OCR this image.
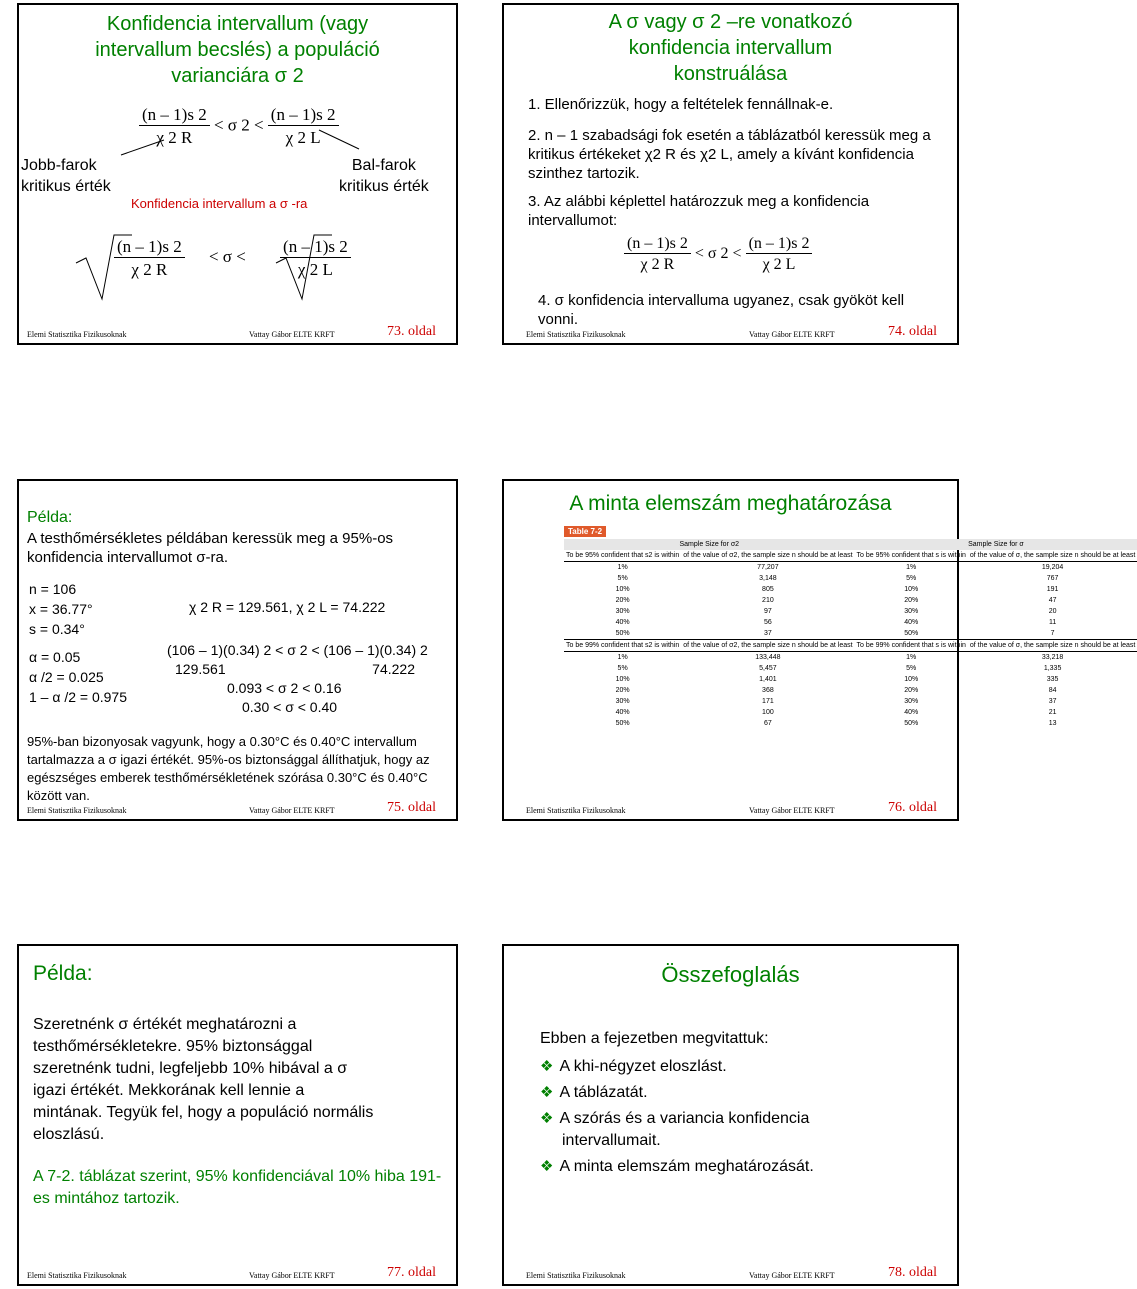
Konfidencia intervallum (vagy
intervallum becslés) a populáció
varianciára σ 2
$\frac{(n - 1)s 2}{\chi 2 R} < \sigma$ $2 < \frac{(n - 1)s 2}{\chi 2 L}$
Jobb-farok
kritikus érték
Bal-farok
kritikus érték
Konfidencia intervallum a σ -ra
$\frac{(n - 1)s 2}{\chi 2 R} < \sigma < \frac{(n - 1)s 2}{\chi 2 L}$
Elemi Statisztika Fizikusoknak	Vattay Gábor ELTE KRFT	73. oldal
A σ vagy σ 2 –re vonatkozó
konfidencia intervallum
konstruálása
1. Ellenőrizzük, hogy a feltételek fennállnak-e.
2. n – 1 szabadsági fok esetén a táblázatból keressük meg a kritikus értékeket χ2 R és χ2 L, amely a kívánt konfidencia szinthez tartozik.
3. Az alábbi képlettel határozzuk meg a konfidencia intervallumot:
$\frac{(n - 1)s 2}{\chi 2 R} < \sigma$ $2 < \frac{(n - 1)s 2}{\chi 2 L}$
4. σ konfidencia intervalluma ugyanez, csak gyököt kell vonni.
Elemi Statisztika Fizikusoknak	Vattay Gábor ELTE KRFT	74. oldal
Példa:
A testhőmérsékletes példában keressük meg a 95%-os konfidencia intervallumot σ-ra.
n = 106
x = 36.77°
s = 0.34°
α = 0.05
α /2 = 0.025
1 – α /2 = 0.975
χ 2 R = 129.561, χ 2 L = 74.222
(106 – 1)(0.34) 2 < σ 2 < (106 – 1)(0.34) 2
129.561	74.222
0.093 < σ 2 < 0.16
0.30 < σ < 0.40
95%-ban bizonyosak vagyunk, hogy a 0.30°C és 0.40°C intervallum tartalmazza a σ igazi értékét. 95%-os biztonsággal állíthatjuk, hogy az egészséges emberek testhőmérsékletének szórása 0.30°C és 0.40°C között van.
Elemi Statisztika Fizikusoknak	Vattay Gábor ELTE KRFT	75. oldal
A minta elemszám meghatározása
Table 7-2
Sample Size for σ2		Sample Size for σ	
To be 95% confident that s2 is within	of the value of σ2, the sample size n should be at least	To be 95% confident that s is within	of the value of σ, the sample size n should be at least
1%	77,207	1%	19,204
5%	3,148	5%	767
10%	805	10%	191
20%	210	20%	47
30%	97	30%	20
40%	56	40%	11
50%	37	50%	7
To be 99% confident that s2 is within	of the value of σ2, the sample size n should be at least	To be 99% confident that s is within	of the value of σ, the sample size n should be at least
1%	133,448	1%	33,218
5%	5,457	5%	1,335
10%	1,401	10%	335
20%	368	20%	84
30%	171	30%	37
40%	100	40%	21
50%	67	50%	13
Elemi Statisztika Fizikusoknak	Vattay Gábor ELTE KRFT	76. oldal
Példa:
Szeretnénk σ értékét meghatározni a testhőmérsékletekre. 95% biztonsággal szeretnénk tudni, legfeljebb 10% hibával a σ igazi értékét. Mekkorának kell lennie a mintának. Tegyük fel, hogy a populáció normális eloszlású.
A 7-2. táblázat szerint, 95% konfidenciával 10% hiba 191-es mintához tartozik.
Elemi Statisztika Fizikusoknak	Vattay Gábor ELTE KRFT	77. oldal
Összefoglalás
Ebben a fejezetben megvitattuk:
❖ A khi-négyzet eloszlást.
❖ A táblázatát.
❖ A szórás és a variancia konfidencia intervallumait.
❖ A minta elemszám meghatározását.
Elemi Statisztika Fizikusoknak	Vattay Gábor ELTE KRFT	78. oldal
